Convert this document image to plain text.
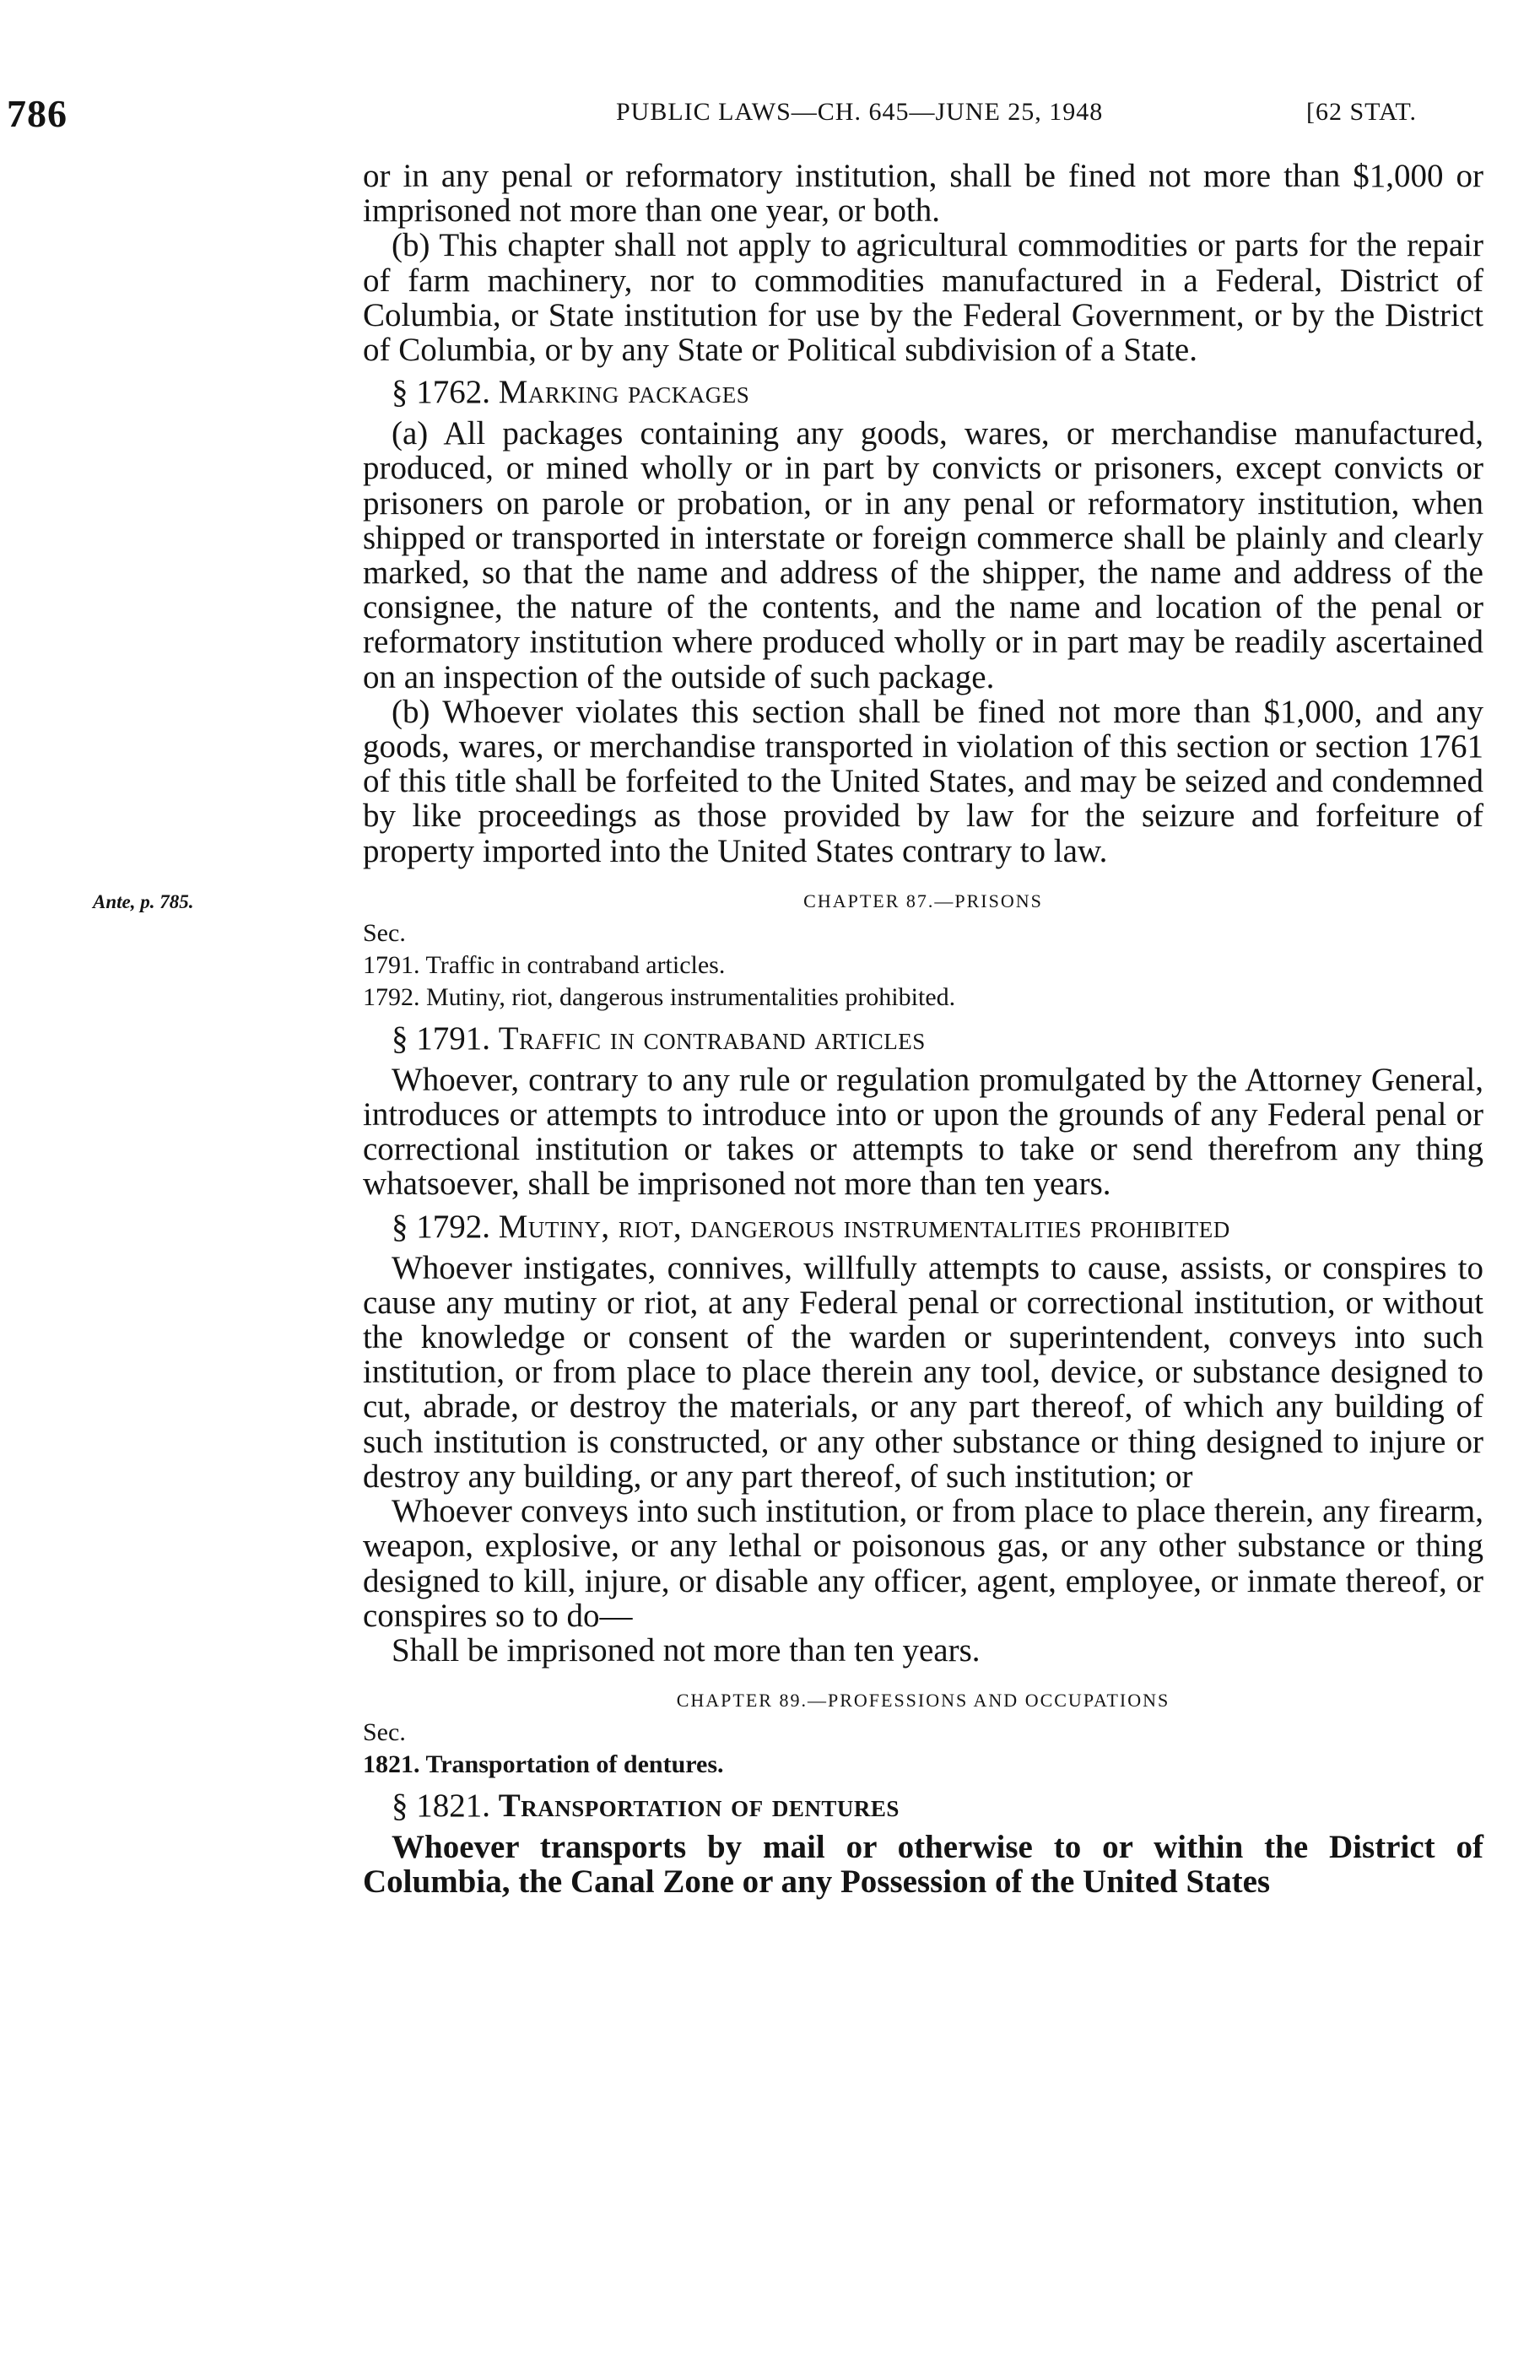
786	PUBLIC LAWS—CH. 645—JUNE 25, 1948	[62 STAT.
Ante, p. 785.

or in any penal or reformatory institution, shall be fined not more than $1,000 or imprisoned not more than one year, or both.

(b) This chapter shall not apply to agricultural commodities or parts for the repair of farm machinery, nor to commodities manufactured in a Federal, District of Columbia, or State institution for use by the Federal Government, or by the District of Columbia, or by any State or Political subdivision of a State.

§ 1762. Marking packages

(a) All packages containing any goods, wares, or merchandise manufactured, produced, or mined wholly or in part by convicts or prisoners, except convicts or prisoners on parole or probation, or in any penal or reformatory institution, when shipped or transported in interstate or foreign commerce shall be plainly and clearly marked, so that the name and address of the shipper, the name and address of the consignee, the nature of the contents, and the name and location of the penal or reformatory institution where produced wholly or in part may be readily ascertained on an inspection of the outside of such package.

(b) Whoever violates this section shall be fined not more than $1,000, and any goods, wares, or merchandise transported in violation of this section or section 1761 of this title shall be forfeited to the United States, and may be seized and condemned by like proceedings as those provided by law for the seizure and forfeiture of property imported into the United States contrary to law.

CHAPTER 87.—PRISONS
Sec.
1791. Traffic in contraband articles.
1792. Mutiny, riot, dangerous instrumentalities prohibited.
§ 1791. Traffic in contraband articles

Whoever, contrary to any rule or regulation promulgated by the Attorney General, introduces or attempts to introduce into or upon the grounds of any Federal penal or correctional institution or takes or attempts to take or send therefrom any thing whatsoever, shall be imprisoned not more than ten years.

§ 1792. Mutiny, riot, dangerous instrumentalities prohibited

Whoever instigates, connives, willfully attempts to cause, assists, or conspires to cause any mutiny or riot, at any Federal penal or correctional institution, or without the knowledge or consent of the warden or superintendent, conveys into such institution, or from place to place therein any tool, device, or substance designed to cut, abrade, or destroy the materials, or any part thereof, of which any building of such institution is constructed, or any other substance or thing designed to injure or destroy any building, or any part thereof, of such institution; or

Whoever conveys into such institution, or from place to place therein, any firearm, weapon, explosive, or any lethal or poisonous gas, or any other substance or thing designed to kill, injure, or disable any officer, agent, employee, or inmate thereof, or conspires so to do—

Shall be imprisoned not more than ten years.

CHAPTER 89.—PROFESSIONS AND OCCUPATIONS
Sec.
1821. Transportation of dentures.
§ 1821. Transportation of dentures

Whoever transports by mail or otherwise to or within the District of Columbia, the Canal Zone or any Possession of the United States
